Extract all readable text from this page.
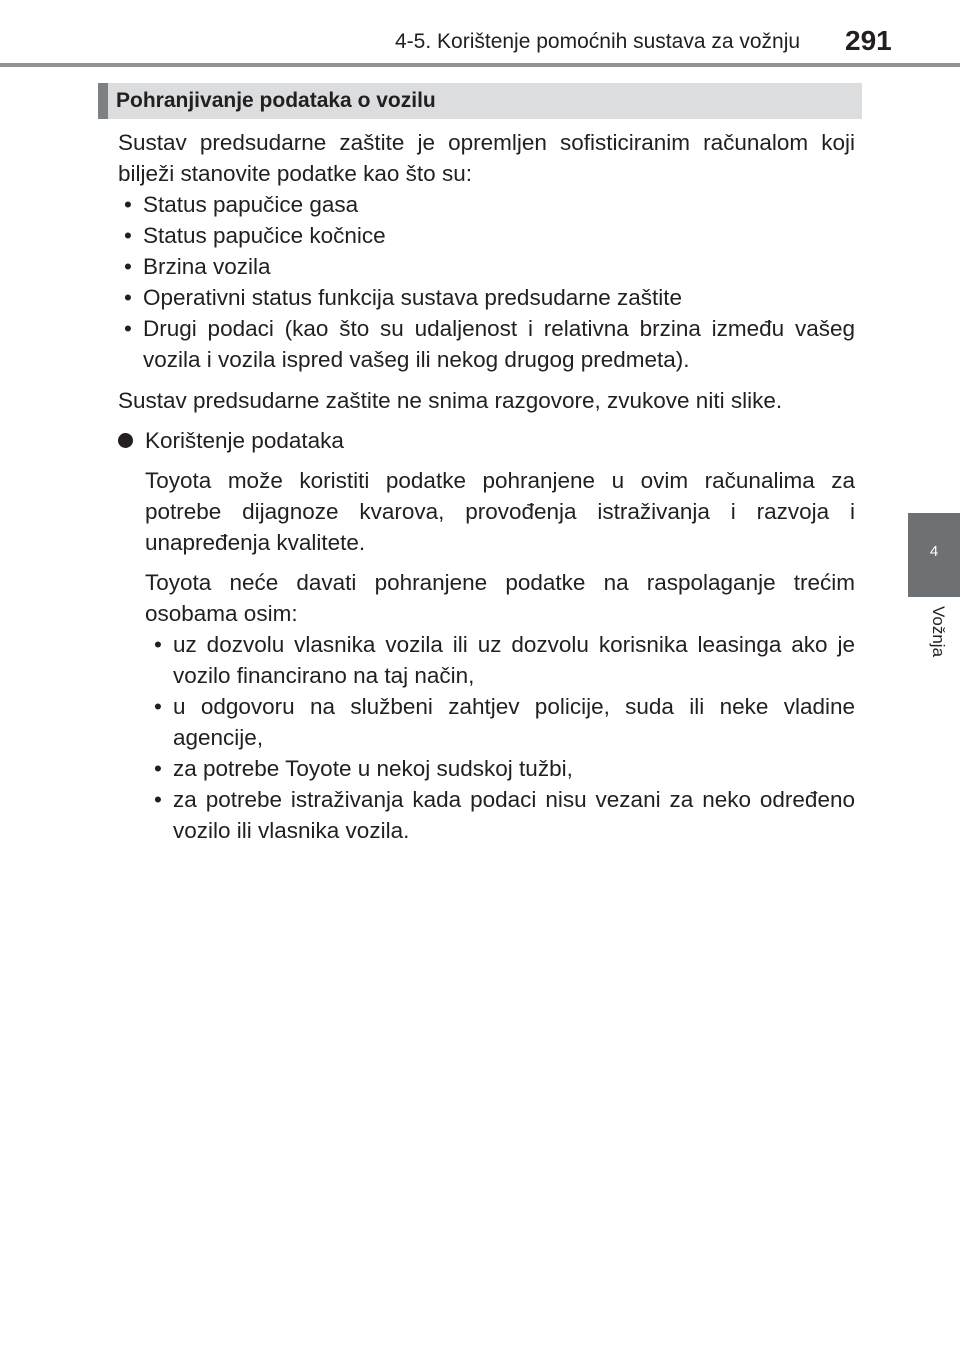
4-5. Korištenje pomoćnih sustava za vožnju 291
4
Vožnja
Pohranjivanje podataka o vozilu

Sustav predsudarne zaštite je opremljen sofisticiranim računalom koji bilježi stanovite podatke kao što su:

• Status papučice gasa
• Status papučice kočnice
• Brzina vozila
• Operativni status funkcija sustava predsudarne zaštite
• Drugi podaci (kao što su udaljenost i relativna brzina između vašeg vozila i vozila ispred vašeg ili nekog drugog predmeta).

Sustav predsudarne zaštite ne snima razgovore, zvukove niti slike.

Korištenje podataka

Toyota može koristiti podatke pohranjene u ovim računalima za potrebe dijagnoze kvarova, provođenja istraživanja i razvoja i unapređenja kvalitete.

Toyota neće davati pohranjene podatke na raspolaganje trećim osobama osim:

• uz dozvolu vlasnika vozila ili uz dozvolu korisnika leasinga ako je vozilo financirano na taj način,
• u odgovoru na službeni zahtjev policije, suda ili neke vladine agencije,
• za potrebe Toyote u nekoj sudskoj tužbi,
• za potrebe istraživanja kada podaci nisu vezani za neko određeno vozilo ili vlasnika vozila.
